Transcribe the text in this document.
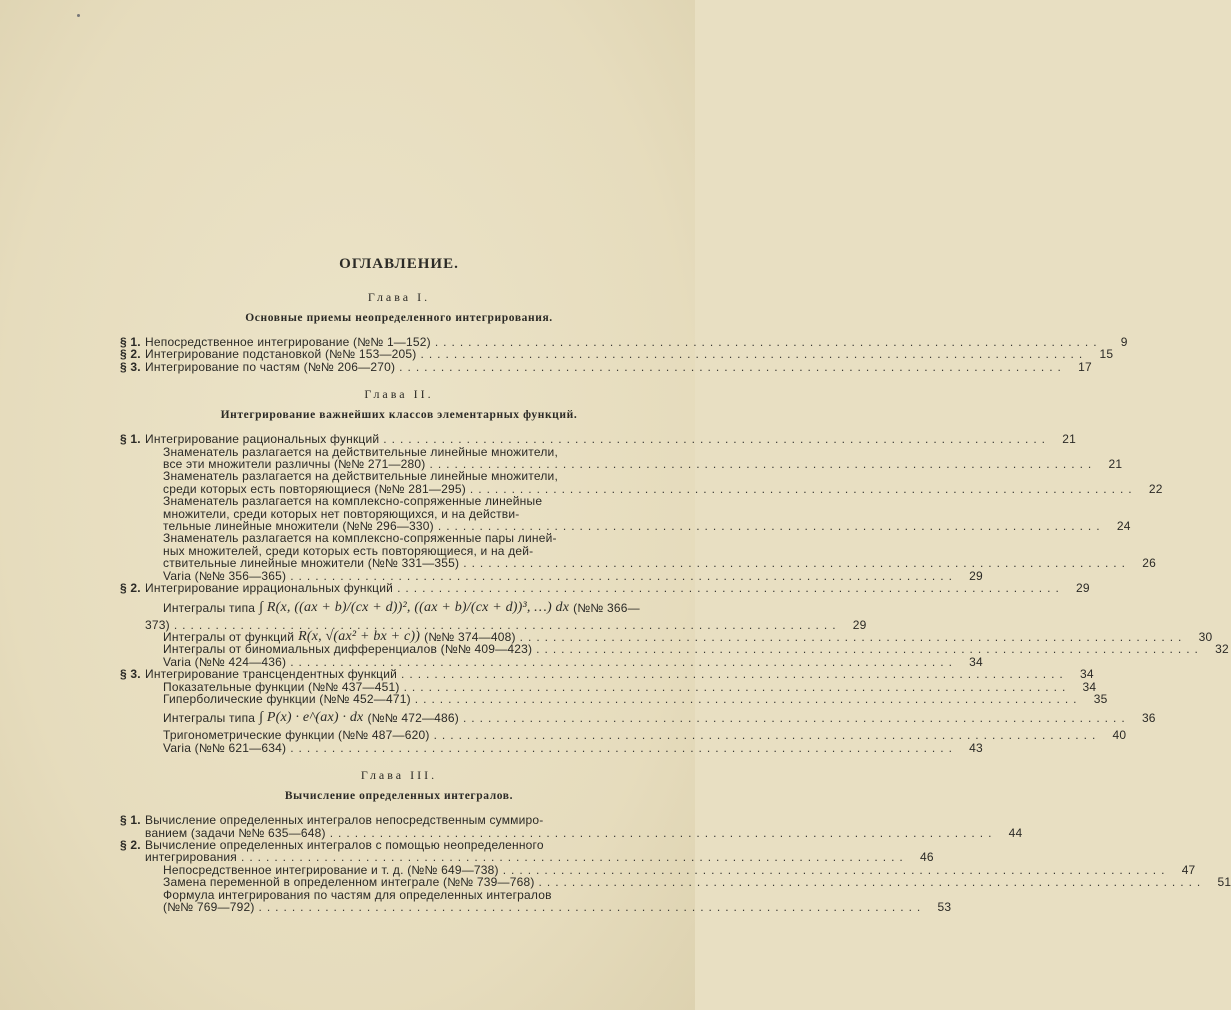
ОГЛАВЛЕНИЕ.
Глава I.
Основные приемы неопределенного интегрирования.
§ 1. Непосредственное интегрирование (№№ 1—152) ................................................................................	9
§ 2. Интегрирование подстановкой (№№ 153—205) ................................................................................	15
§ 3. Интегрирование по частям (№№ 206—270) ................................................................................	17
Глава II.
Интегрирование важнейших классов элементарных функций.
§ 1. Интегрирование рациональных функций ................................................................................	21
Знаменатель разлагается на действительные линейные множители,
все эти множители различны (№№ 271—280) ................................................................................	21
Знаменатель разлагается на действительные линейные множители,
среди которых есть повторяющиеся (№№ 281—295) ................................................................................	22
Знаменатель разлагается на комплексно-сопряженные линейные
множители, среди которых нет повторяющихся, и на действи-
тельные линейные множители (№№ 296—330) ................................................................................	24
Знаменатель разлагается на комплексно-сопряженные пары линей-
ных множителей, среди которых есть повторяющиеся, и на дей-
ствительные линейные множители (№№ 331—355) ................................................................................	26
Varia (№№ 356—365) ................................................................................	29
§ 2. Интегрирование иррациональных функций ................................................................................	29
Интегралы типа ∫ R(x, ((ax + b)/(cx + d))², ((ax + b)/(cx + d))³, …) dx (№№ 366—
373) ................................................................................	29
Интегралы от функций R(x, √(ax² + bx + c)) (№№ 374—408) ................................................................................	30
Интегралы от биномиальных дифференциалов (№№ 409—423) ................................................................................	32
Varia (№№ 424—436) ................................................................................	34
§ 3. Интегрирование трансцендентных функций ................................................................................	34
Показательные функции (№№ 437—451) ................................................................................	34
Гиперболические функции (№№ 452—471) ................................................................................	35
Интегралы типа ∫ P(x) · e^(ax) · dx (№№ 472—486) ................................................................................	36
Тригонометрические функции (№№ 487—620) ................................................................................	40
Varia (№№ 621—634) ................................................................................	43
Глава III.
Вычисление определенных интегралов.
§ 1. Вычисление определенных интегралов непосредственным суммиро-
ванием (задачи №№ 635—648) ................................................................................	44
§ 2. Вычисление определенных интегралов с помощью неопределенного
интегрирования ................................................................................	46
Непосредственное интегрирование и т. д. (№№ 649—738) ................................................................................	47
Замена переменной в определенном интеграле (№№ 739—768) ................................................................................	51
Формула интегрирования по частям для определенных интегралов
(№№ 769—792) ................................................................................	53
